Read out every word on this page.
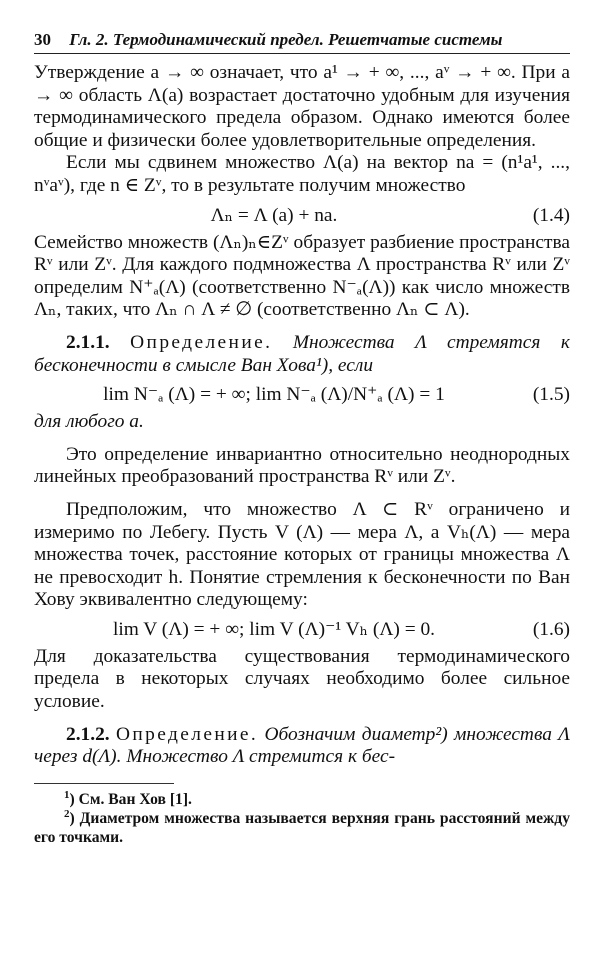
30 Гл. 2. Термодинамический предел. Решетчатые системы

Утверждение a → ∞ означает, что a¹ → + ∞, ..., aᵛ → + ∞. При a → ∞ область Λ(a) возрастает достаточно удобным для изучения термодинамического предела образом. Однако имеются более общие и физически более удовлетворительные определения.

Если мы сдвинем множество Λ(a) на вектор na = (n¹a¹, ..., nᵛaᵛ), где n ∈ Zᵛ, то в результате получим множество

Λₙ = Λ (a) + na.	(1.4)

Семейство множеств (Λₙ)ₙ∈Zᵛ образует разбиение пространства Rᵛ или Zᵛ. Для каждого подмножества Λ пространства Rᵛ или Zᵛ определим N⁺ₐ(Λ) (соответственно N⁻ₐ(Λ)) как число множеств Λₙ, таких, что Λₙ ∩ Λ ≠ ∅ (соответственно Λₙ ⊂ Λ).

2.1.1. Определение. Множества Λ стремятся к бесконечности в смысле Ван Хова¹), если

lim N⁻ₐ (Λ) = + ∞; lim N⁻ₐ (Λ)/N⁺ₐ (Λ) = 1	(1.5)

для любого a.

Это определение инвариантно относительно неоднородных линейных преобразований пространства Rᵛ или Zᵛ.

Предположим, что множество Λ ⊂ Rᵛ ограничено и измеримо по Лебегу. Пусть V (Λ) — мера Λ, а Vₕ(Λ) — мера множества точек, расстояние которых от границы множества Λ не превосходит h. Понятие стремления к бесконечности по Ван Хову эквивалентно следующему:

lim V (Λ) = + ∞; lim V (Λ)⁻¹ Vₕ (Λ) = 0.	(1.6)

Для доказательства существования термодинамического предела в некоторых случаях необходимо более сильное условие.

2.1.2. Определение. Обозначим диаметр²) множества Λ через d(Λ). Множество Λ стремится к бес-

$^1$) См. Ван Хов [1].
$^2$) Диаметром множества называется верхняя грань расстояний между его точками.
